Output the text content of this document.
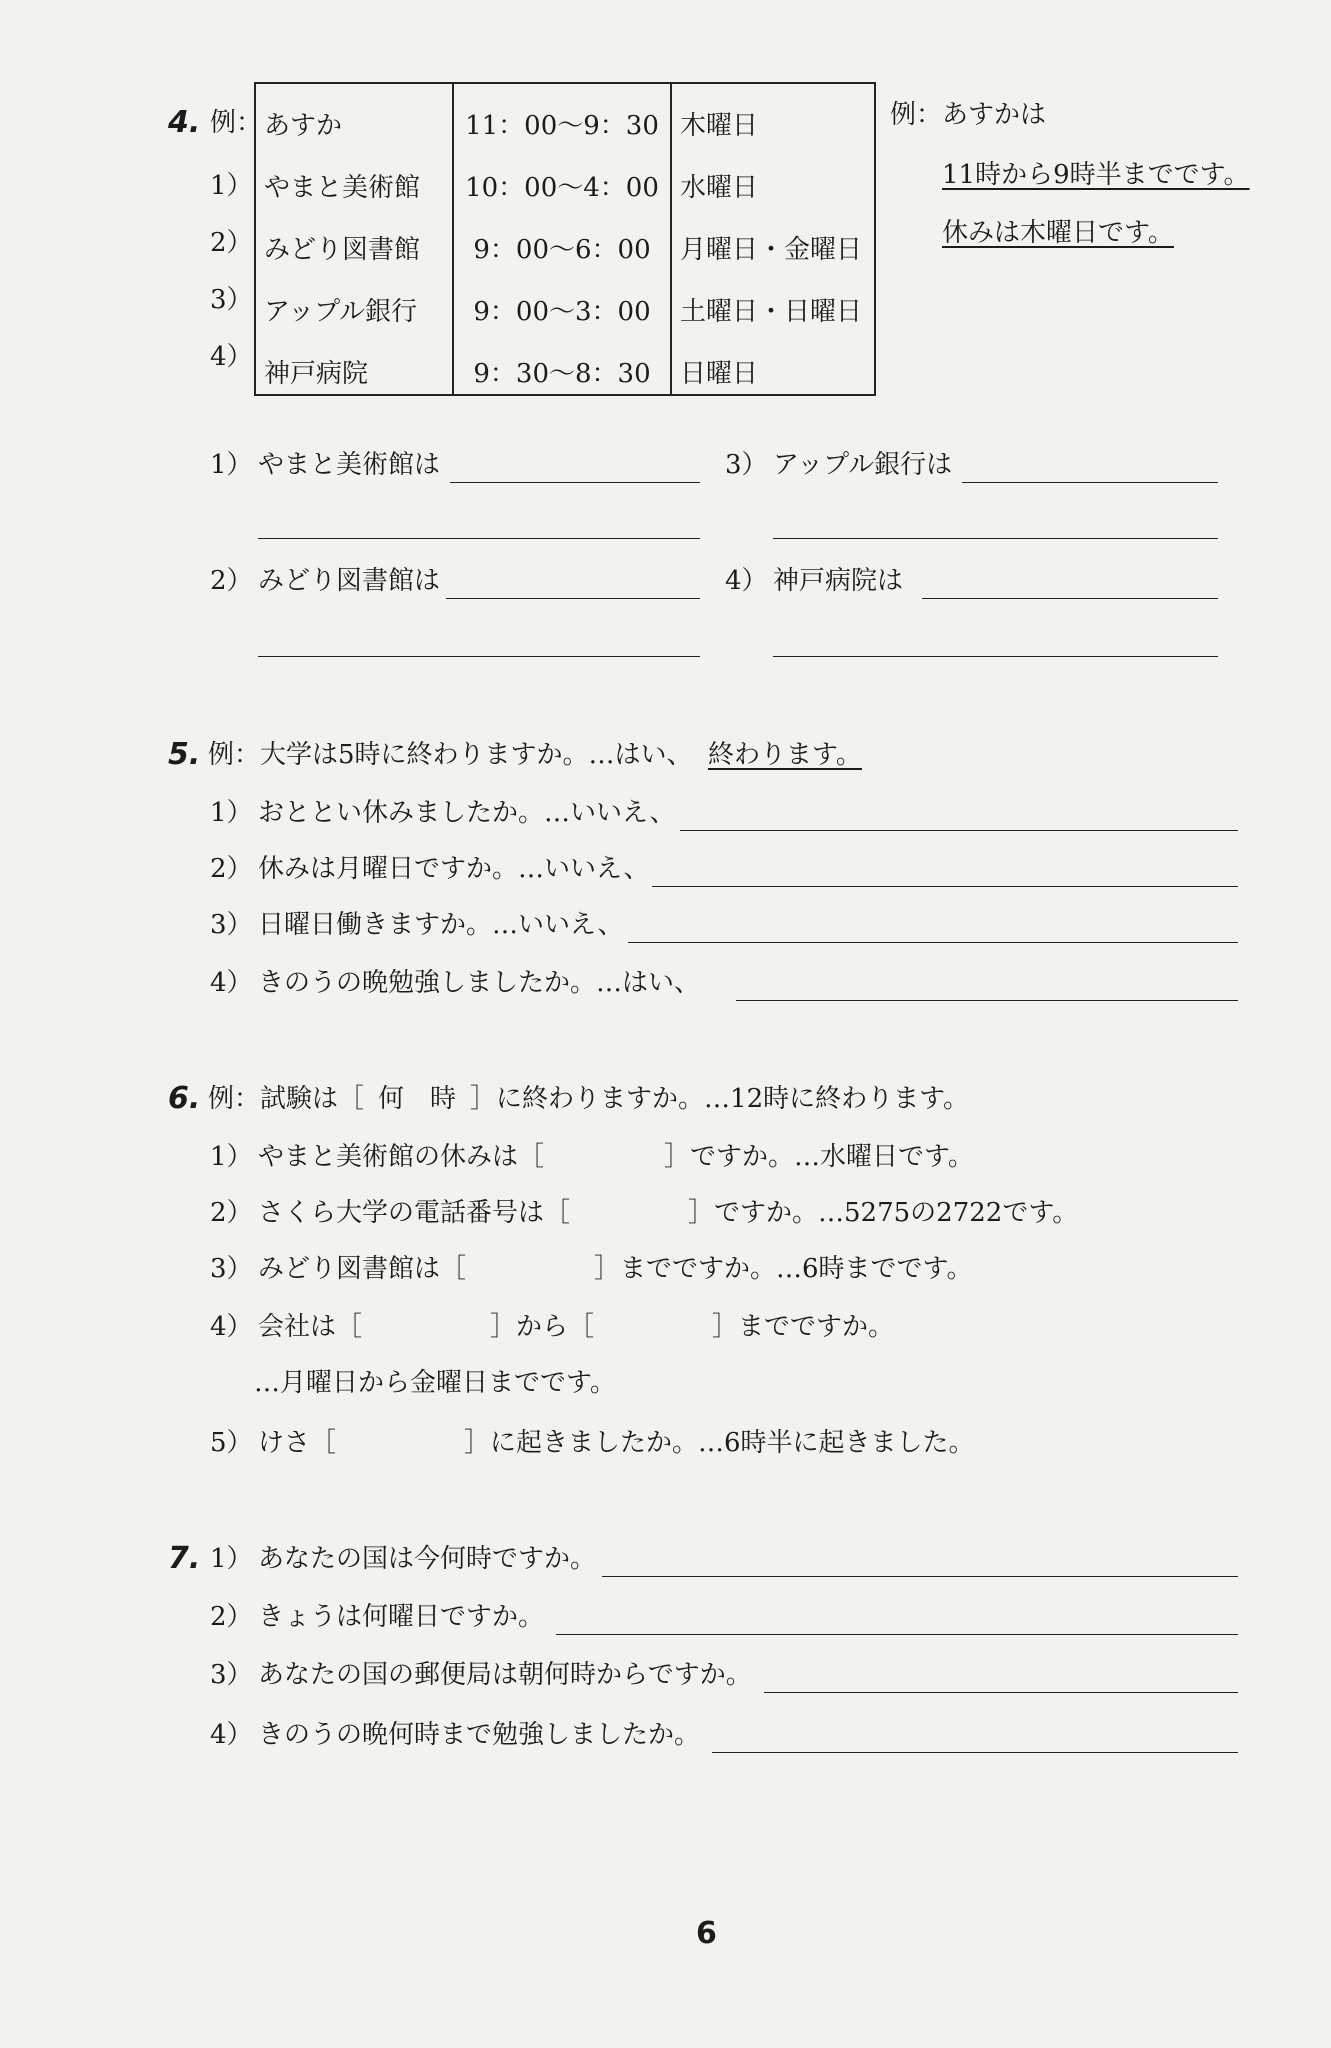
4. 例：
1）
2）
3）
4）
あすか	11：00～9：30	木曜日
やまと美術館	10：00～4：00	水曜日
みどり図書館	9：00～6：00	月曜日・金曜日
アップル銀行	9：00～3：00	土曜日・日曜日
神戸病院	9：30～8：30	日曜日
例：あすかは
11時から9時半までです。
休みは木曜日です。
1） やまと美術館は	3） アップル銀行は
2） みどり図書館は	4） 神戸病院は
5. 例：大学は5時に終わりますか。…はい、 終わります。
1） おととい休みましたか。…いいえ、
2） 休みは月曜日ですか。…いいえ、
3） 日曜日働きますか。…いいえ、
4） きのうの晩勉強しましたか。…はい、
6. 例：試験は［ 何　時 ］に終わりますか。…12時に終わります。
1） やまと美術館の休みは［	］ですか。…水曜日です。
2） さくら大学の電話番号は［	］ですか。…5275の2722です。
3） みどり図書館は［	］までですか。…6時までです。
4） 会社は［	］から［	］までですか。
…月曜日から金曜日までです。
5） けさ［	］に起きましたか。…6時半に起きました。
7. 1） あなたの国は今何時ですか。
2） きょうは何曜日ですか。
3） あなたの国の郵便局は朝何時からですか。
4） きのうの晩何時まで勉強しましたか。
6
